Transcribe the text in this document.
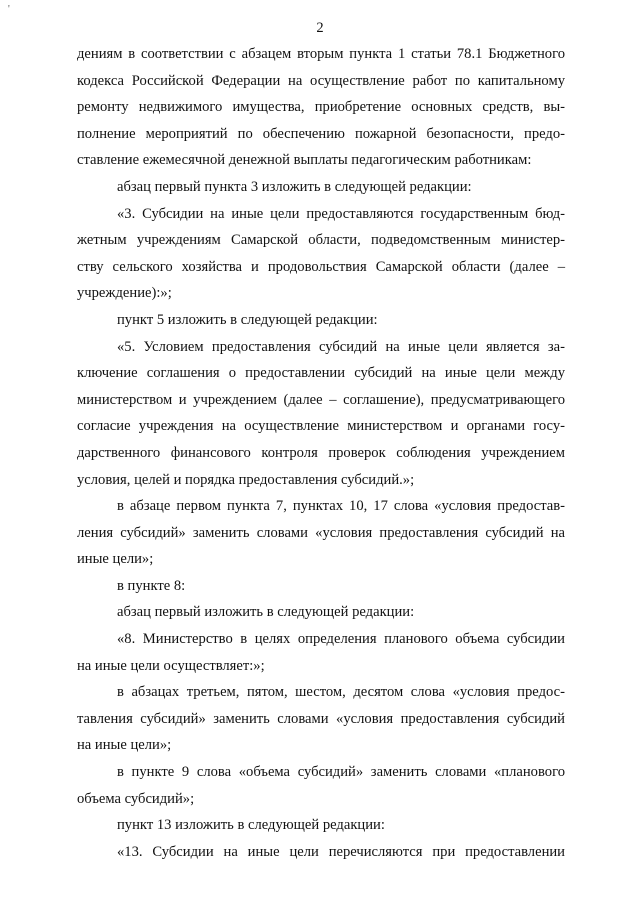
'
2
дениям в соответствии с абзацем вторым пункта 1 статьи 78.1 Бюджетного
кодекса Российской Федерации на осуществление работ по капитальному
ремонту недвижимого имущества, приобретение основных средств, вы-
полнение мероприятий по обеспечению пожарной безопасности, предо-
ставление ежемесячной денежной выплаты педагогическим работникам:
абзац первый пункта 3 изложить в следующей редакции:
«3. Субсидии на иные цели предоставляются государственным бюд-
жетным учреждениям Самарской области, подведомственным министер-
ству сельского хозяйства и продовольствия Самарской области (далее –
учреждение):»;
пункт 5 изложить в следующей редакции:
«5. Условием предоставления субсидий на иные цели является за-
ключение соглашения о предоставлении субсидий на иные цели между
министерством и учреждением (далее – соглашение), предусматривающего
согласие учреждения на осуществление министерством и органами госу-
дарственного финансового контроля проверок соблюдения учреждением
условия, целей и порядка предоставления субсидий.»;
в абзаце первом пункта 7, пунктах 10, 17 слова «условия предостав-
ления субсидий» заменить словами «условия предоставления субсидий на
иные цели»;
в пункте 8:
абзац первый изложить в следующей редакции:
«8. Министерство в целях определения планового объема субсидии
на иные цели осуществляет:»;
в абзацах третьем, пятом, шестом, десятом слова «условия предос-
тавления субсидий» заменить словами «условия предоставления субсидий
на иные цели»;
в пункте 9 слова «объема субсидий» заменить словами «планового
объема субсидий»;
пункт 13 изложить в следующей редакции:
«13. Субсидии на иные цели перечисляются при предоставлении
